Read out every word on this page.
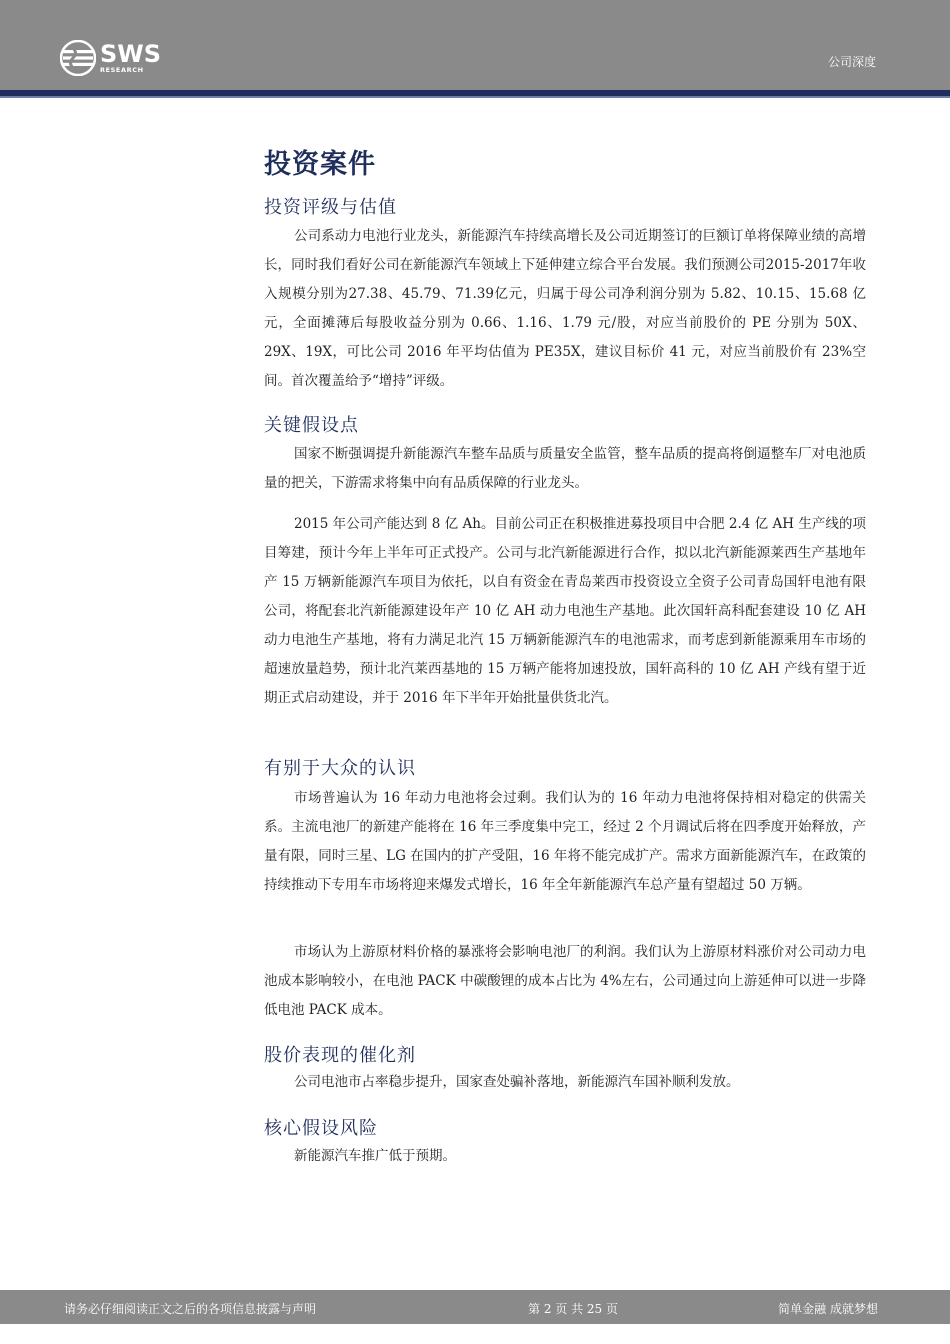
SWS
RESEARCH
公司深度
投资案件
投资评级与估值

公司系动力电池行业龙头，新能源汽车持续高增长及公司近期签订的巨额订单将保障业绩的高增长，同时我们看好公司在新能源汽车领域上下延伸建立综合平台发展。我们预测公司2015-2017年收入规模分别为27.38、45.79、71.39亿元，归属于母公司净利润分别为 5.82、10.15、15.68 亿元，全面摊薄后每股收益分别为 0.66、1.16、1.79 元/股，对应当前股价的 PE 分别为 50X、29X、19X，可比公司 2016 年平均估值为 PE35X，建议目标价 41 元，对应当前股价有 23%空间。首次覆盖给予“增持”评级。

关键假设点

国家不断强调提升新能源汽车整车品质与质量安全监管，整车品质的提高将倒逼整车厂对电池质量的把关，下游需求将集中向有品质保障的行业龙头。

2015 年公司产能达到 8 亿 Ah。目前公司正在积极推进募投项目中合肥 2.4 亿 AH 生产线的项目筹建，预计今年上半年可正式投产。公司与北汽新能源进行合作，拟以北汽新能源莱西生产基地年产 15 万辆新能源汽车项目为依托，以自有资金在青岛莱西市投资设立全资子公司青岛国轩电池有限公司，将配套北汽新能源建设年产 10 亿 AH 动力电池生产基地。此次国轩高科配套建设 10 亿 AH 动力电池生产基地，将有力满足北汽 15 万辆新能源汽车的电池需求，而考虑到新能源乘用车市场的超速放量趋势，预计北汽莱西基地的 15 万辆产能将加速投放，国轩高科的 10 亿 AH 产线有望于近期正式启动建设，并于 2016 年下半年开始批量供货北汽。

有别于大众的认识

市场普遍认为 16 年动力电池将会过剩。我们认为的 16 年动力电池将保持相对稳定的供需关系。主流电池厂的新建产能将在 16 年三季度集中完工，经过 2 个月调试后将在四季度开始释放，产量有限，同时三星、LG 在国内的扩产受阻，16 年将不能完成扩产。需求方面新能源汽车，在政策的持续推动下专用车市场将迎来爆发式增长，16 年全年新能源汽车总产量有望超过 50 万辆。

市场认为上游原材料价格的暴涨将会影响电池厂的利润。我们认为上游原材料涨价对公司动力电池成本影响较小，在电池 PACK 中碳酸锂的成本占比为 4%左右，公司通过向上游延伸可以进一步降低电池 PACK 成本。

股价表现的催化剂

公司电池市占率稳步提升，国家查处骗补落地，新能源汽车国补顺利发放。

核心假设风险

新能源汽车推广低于预期。

请务必仔细阅读正文之后的各项信息披露与声明	第 2 页 共 25 页	简单金融 成就梦想
